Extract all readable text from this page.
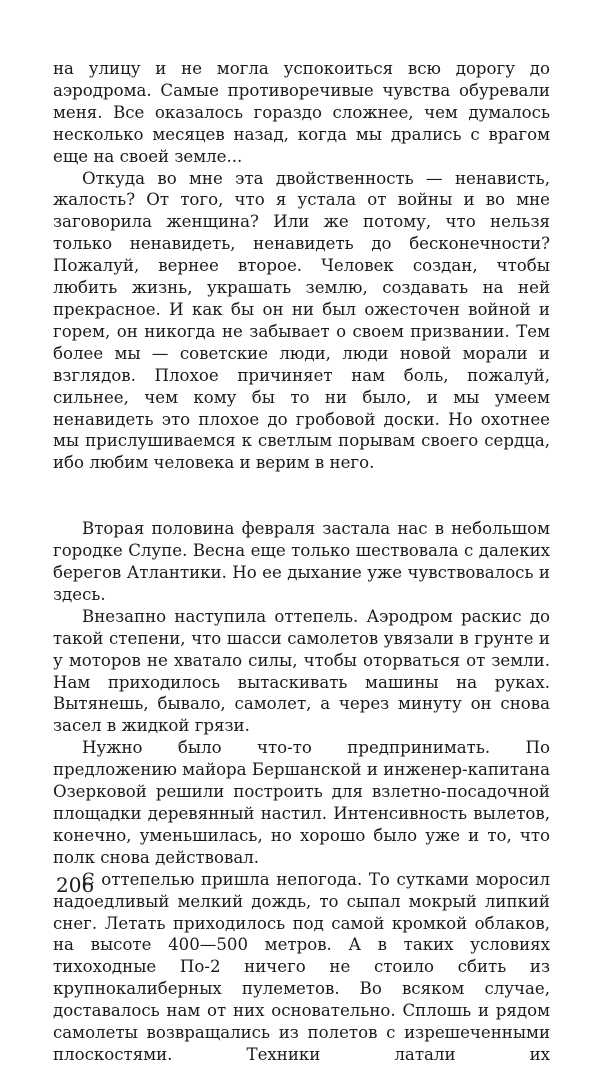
на улицу и не могла успокоиться всю дорогу до аэродрома. Самые противоречивые чувства обуревали меня. Все оказалось гораздо сложнее, чем думалось несколько месяцев назад, когда мы дрались с врагом еще на своей земле...

Откуда во мне эта двойственность — ненависть, жалость? От того, что я устала от войны и во мне заговорила женщина? Или же потому, что нельзя только ненавидеть, ненавидеть до бесконечности? Пожалуй, вернее второе. Человек создан, чтобы любить жизнь, украшать землю, создавать на ней прекрасное. И как бы он ни был ожесточен войной и горем, он никогда не забывает о своем призвании. Тем более мы — советские люди, люди новой морали и взглядов. Плохое причиняет нам боль, пожалуй, сильнее, чем кому бы то ни было, и мы умеем ненавидеть это плохое до гробовой доски. Но охотнее мы прислушиваемся к светлым порывам своего сердца, ибо любим человека и верим в него.

Вторая половина февраля застала нас в небольшом городке Слупе. Весна еще только шествовала с далеких берегов Атлантики. Но ее дыхание уже чувствовалось и здесь.

Внезапно наступила оттепель. Аэродром раскис до такой степени, что шасси самолетов увязали в грунте и у моторов не хватало силы, чтобы оторваться от земли. Нам приходилось вытаскивать машины на руках. Вытянешь, бывало, самолет, а через минуту он снова засел в жидкой грязи.

Нужно было что-то предпринимать. По предложению майора Бершанской и инженер-капитана Озерковой решили построить для взлетно-посадочной площадки деревянный настил. Интенсивность вылетов, конечно, уменьшилась, но хорошо было уже и то, что полк снова действовал.

С оттепелью пришла непогода. То сутками моросил надоедливый мелкий дождь, то сыпал мокрый липкий снег. Летать приходилось под самой кромкой облаков, на высоте 400—500 метров. А в таких условиях тихоходные По-2 ничего не стоило сбить из крупнокалиберных пулеметов. Во всяком случае, доставалось нам от них основательно. Сплошь и рядом самолеты возвращались из полетов с изрешеченными плоскостями. Техники латали их

206
